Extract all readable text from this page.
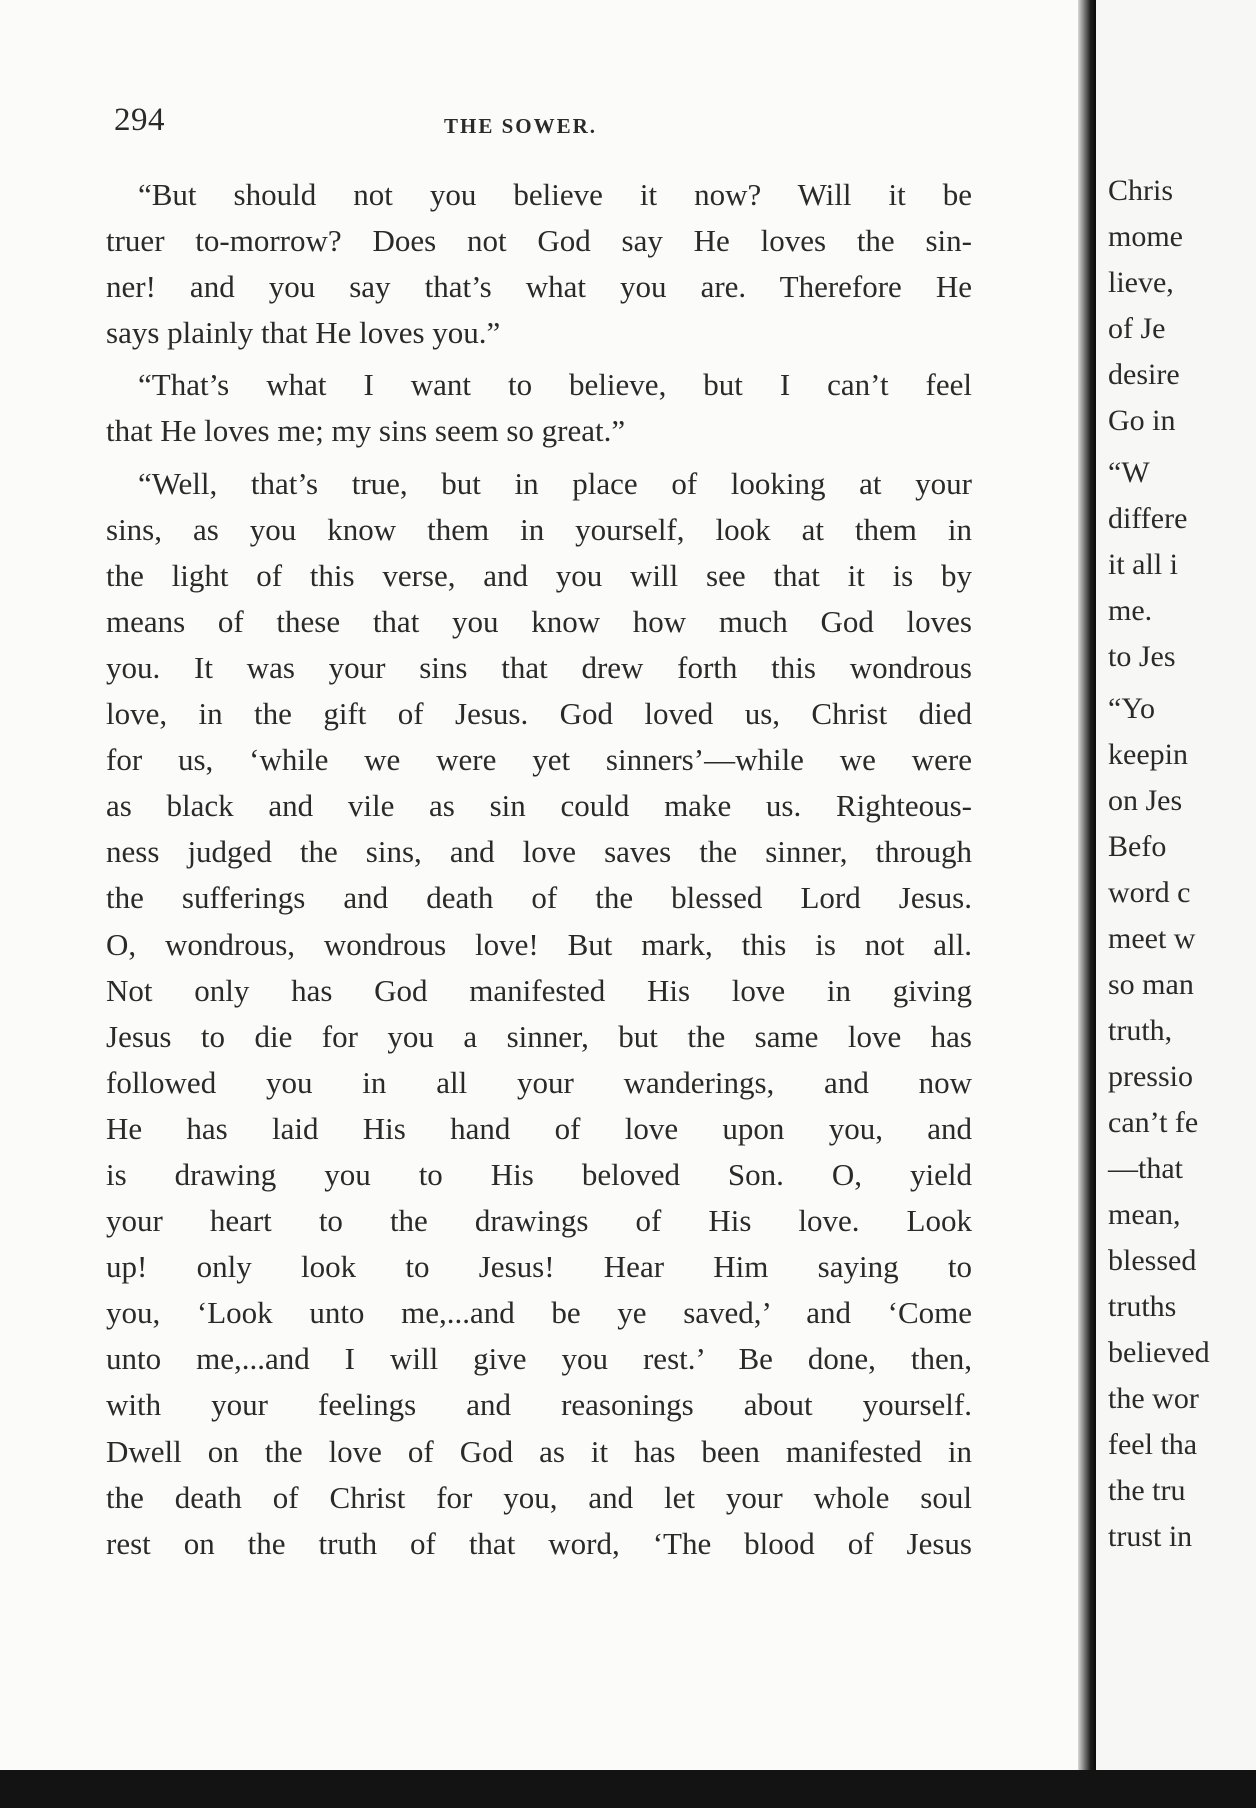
294	THE SOWER.
“But should not you believe it now? Will it be
truer to-morrow? Does not God say He loves the sin-
ner! and you say that’s what you are. Therefore He
says plainly that He loves you.”
“That’s what I want to believe, but I can’t feel
that He loves me; my sins seem so great.”
“Well, that’s true, but in place of looking at your
sins, as you know them in yourself, look at them in
the light of this verse, and you will see that it is by
means of these that you know how much God loves
you. It was your sins that drew forth this wondrous
love, in the gift of Jesus. God loved us, Christ died
for us, ‘while we were yet sinners’—while we were
as black and vile as sin could make us. Righteous-
ness judged the sins, and love saves the sinner, through
the sufferings and death of the blessed Lord Jesus.
O, wondrous, wondrous love! But mark, this is not all.
Not only has God manifested His love in giving
Jesus to die for you a sinner, but the same love has
followed you in all your wanderings, and now
He has laid His hand of love upon you, and
is drawing you to His beloved Son. O, yield
your heart to the drawings of His love. Look
up! only look to Jesus! Hear Him saying to
you, ‘Look unto me,...and be ye saved,’ and ‘Come
unto me,...and I will give you rest.’ Be done, then,
with your feelings and reasonings about yourself.
Dwell on the love of God as it has been manifested in
the death of Christ for you, and let your whole soul
rest on the truth of that word, ‘The blood of Jesus
Chris
mome
lieve,
of Je
desire
Go in
“W
differe
it all i
me.
to Jes
“Yo
keepin
on Jes
Befo
word c
meet w
so man
truth,
pressio
can’t fe
—that
mean,
blessed
truths
believed
the wor
feel tha
the tru
trust in
